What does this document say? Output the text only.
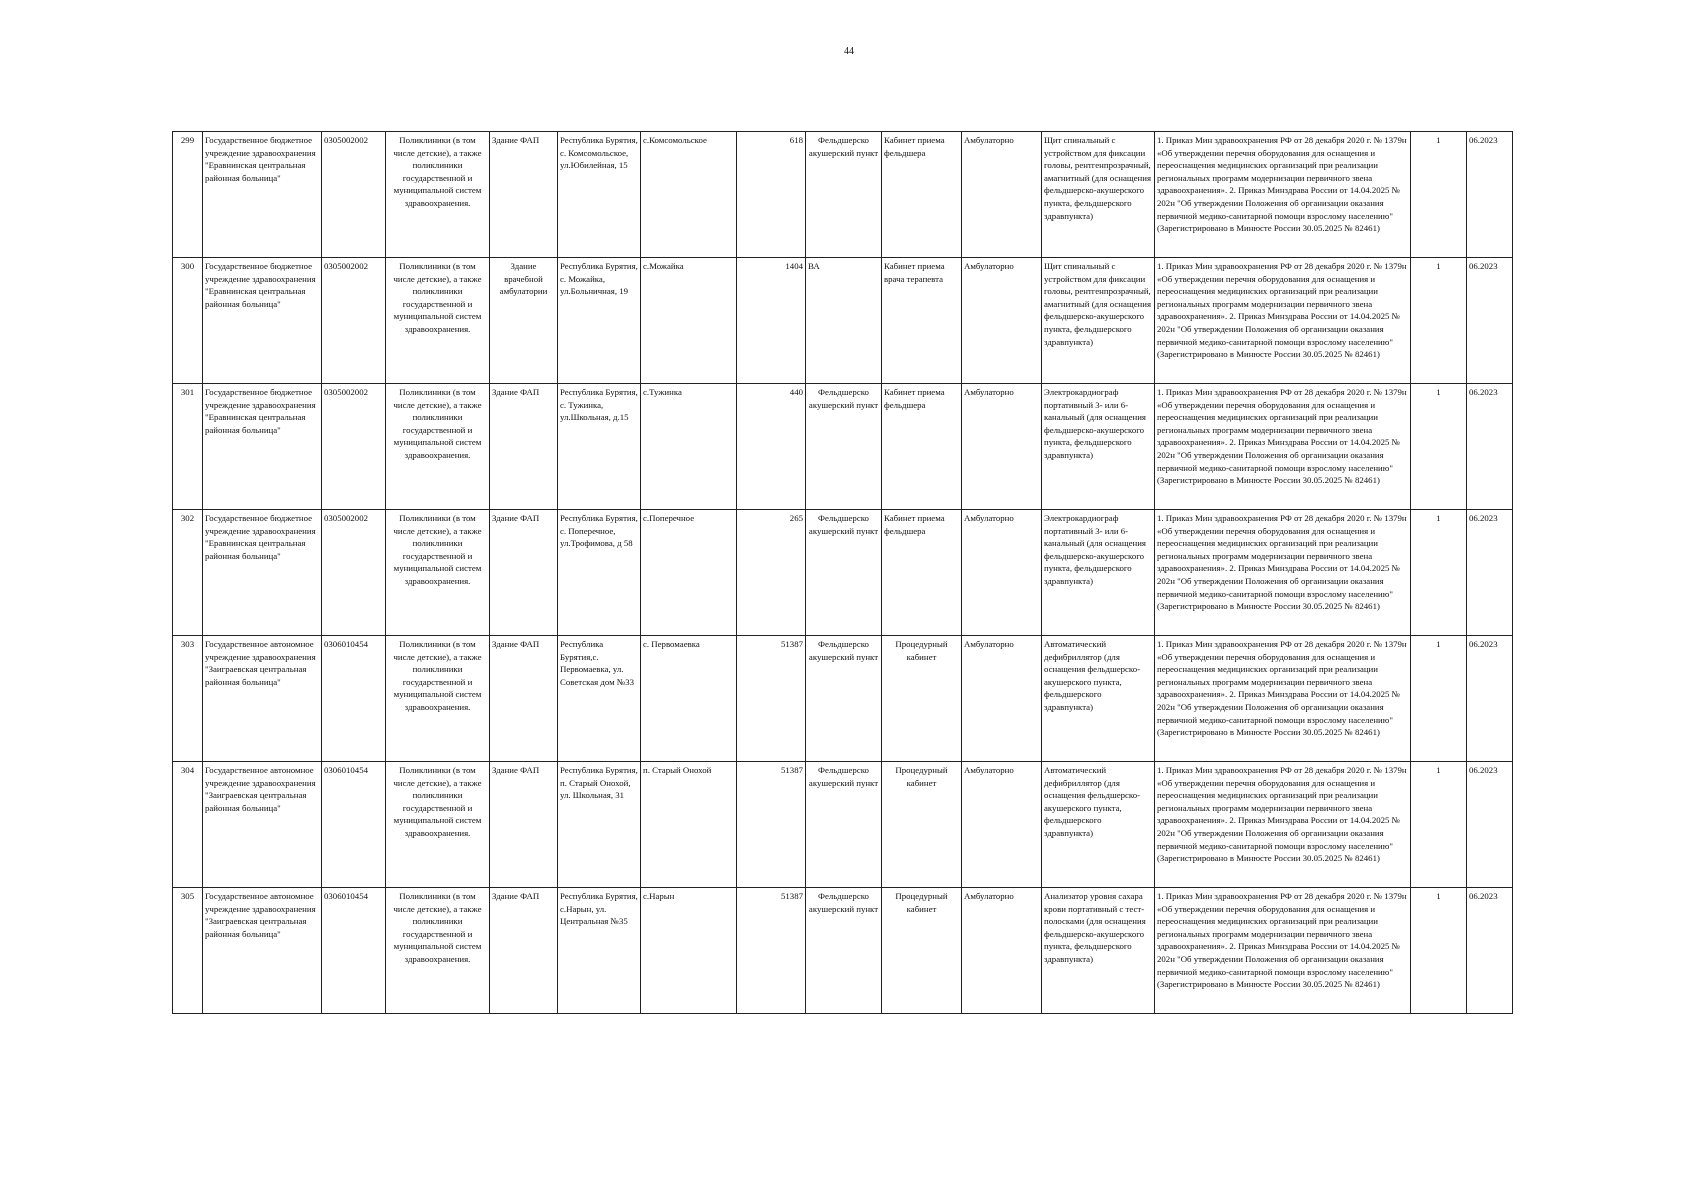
44
299	Государственное бюджетное учреждение здравоохранения "Еравнинская центральная районная больница"	0305002002	Поликлиники (в том числе детские), а также поликлиники государственной и муниципальной систем здравоохранения.	Здание ФАП	Республика Бурятия, с. Комсомольское, ул.Юбилейная, 15	с.Комсомольское	618	Фельдшерско акушерский пункт	Кабинет приема фельдшера	Амбулаторно	Щит спинальный с устройством для фиксации головы, рентгенпрозрачный, амагнитный (для оснащения фельдшерско-акушерского пункта, фельдшерского здравпункта)	1. Приказ Мин здравоохранения РФ от 28 декабря 2020 г. № 1379н «Об утверждении перечня оборудования для оснащения и переоснащения медицинских организаций при реализации региональных программ модернизации первичного звена здравоохранения». 2. Приказ Минздрава России от 14.04.2025 № 202н "Об утверждении Положения об организации оказания первичной медико-санитарной помощи взрослому населению" (Зарегистрировано в Минюсте России 30.05.2025 № 82461)	1	06.2023
300	Государственное бюджетное учреждение здравоохранения "Еравнинская центральная районная больница"	0305002002	Поликлиники (в том числе детские), а также поликлиники государственной и муниципальной систем здравоохранения.	Здание врачебной амбулатории	Республика Бурятия, с. Можайка, ул.Больничная, 19	с.Можайка	1404	ВА	Кабинет приема врача терапевта	Амбулаторно	Щит спинальный с устройством для фиксации головы, рентгенпрозрачный, амагнитный (для оснащения фельдшерско-акушерского пункта, фельдшерского здравпункта)	1. Приказ Мин здравоохранения РФ от 28 декабря 2020 г. № 1379н «Об утверждении перечня оборудования для оснащения и переоснащения медицинских организаций при реализации региональных программ модернизации первичного звена здравоохранения». 2. Приказ Минздрава России от 14.04.2025 № 202н "Об утверждении Положения об организации оказания первичной медико-санитарной помощи взрослому населению" (Зарегистрировано в Минюсте России 30.05.2025 № 82461)	1	06.2023
301	Государственное бюджетное учреждение здравоохранения "Еравнинская центральная районная больница"	0305002002	Поликлиники (в том числе детские), а также поликлиники государственной и муниципальной систем здравоохранения.	Здание ФАП	Республика Бурятия, с. Тужинка, ул.Школьная, д.15	с.Тужинка	440	Фельдшерско акушерский пункт	Кабинет приема фельдшера	Амбулаторно	Электрокардиограф портативный 3- или 6-канальный (для оснащения фельдшерско-акушерского пункта, фельдшерского здравпункта)	1. Приказ Мин здравоохранения РФ от 28 декабря 2020 г. № 1379н «Об утверждении перечня оборудования для оснащения и переоснащения медицинских организаций при реализации региональных программ модернизации первичного звена здравоохранения». 2. Приказ Минздрава России от 14.04.2025 № 202н "Об утверждении Положения об организации оказания первичной медико-санитарной помощи взрослому населению" (Зарегистрировано в Минюсте России 30.05.2025 № 82461)	1	06.2023
302	Государственное бюджетное учреждение здравоохранения "Еравнинская центральная районная больница"	0305002002	Поликлиники (в том числе детские), а также поликлиники государственной и муниципальной систем здравоохранения.	Здание ФАП	Республика Бурятия, с. Поперечное, ул.Трофимова, д 58	с.Поперечное	265	Фельдшерско акушерский пункт	Кабинет приема фельдшера	Амбулаторно	Электрокардиограф портативный 3- или 6-канальный (для оснащения фельдшерско-акушерского пункта, фельдшерского здравпункта)	1. Приказ Мин здравоохранения РФ от 28 декабря 2020 г. № 1379н «Об утверждении перечня оборудования для оснащения и переоснащения медицинских организаций при реализации региональных программ модернизации первичного звена здравоохранения». 2. Приказ Минздрава России от 14.04.2025 № 202н "Об утверждении Положения об организации оказания первичной медико-санитарной помощи взрослому населению" (Зарегистрировано в Минюсте России 30.05.2025 № 82461)	1	06.2023
303	Государственное автономное учреждение здравоохранения "Заиграевская центральная районная больница"	0306010454	Поликлиники (в том числе детские), а также поликлиники государственной и муниципальной систем здравоохранения.	Здание ФАП	Республика Бурятия,с. Первомаевка, ул. Советская дом №33	с. Первомаевка	51387	Фельдшерско акушерский пункт	Процедурный кабинет	Амбулаторно	Автоматический дефибриллятор (для оснащения фельдшерско-акушерского пункта, фельдшерского здравпункта)	1. Приказ Мин здравоохранения РФ от 28 декабря 2020 г. № 1379н «Об утверждении перечня оборудования для оснащения и переоснащения медицинских организаций при реализации региональных программ модернизации первичного звена здравоохранения». 2. Приказ Минздрава России от 14.04.2025 № 202н "Об утверждении Положения об организации оказания первичной медико-санитарной помощи взрослому населению" (Зарегистрировано в Минюсте России 30.05.2025 № 82461)	1	06.2023
304	Государственное автономное учреждение здравоохранения "Заиграевская центральная районная больница"	0306010454	Поликлиники (в том числе детские), а также поликлиники государственной и муниципальной систем здравоохранения.	Здание ФАП	Республика Бурятия, п. Старый Онохой, ул. Школьная, 31	п. Старый Онохой	51387	Фельдшерско акушерский пункт	Процедурный кабинет	Амбулаторно	Автоматический дефибриллятор (для оснащения фельдшерско-акушерского пункта, фельдшерского здравпункта)	1. Приказ Мин здравоохранения РФ от 28 декабря 2020 г. № 1379н «Об утверждении перечня оборудования для оснащения и переоснащения медицинских организаций при реализации региональных программ модернизации первичного звена здравоохранения». 2. Приказ Минздрава России от 14.04.2025 № 202н "Об утверждении Положения об организации оказания первичной медико-санитарной помощи взрослому населению" (Зарегистрировано в Минюсте России 30.05.2025 № 82461)	1	06.2023
305	Государственное автономное учреждение здравоохранения "Заиграевская центральная районная больница"	0306010454	Поликлиники (в том числе детские), а также поликлиники государственной и муниципальной систем здравоохранения.	Здание ФАП	Республика Бурятия, с.Нарын, ул. Центральная №35	с.Нарын	51387	Фельдшерско акушерский пункт	Процедурный кабинет	Амбулаторно	Анализатор уровня сахара крови портативный с тест-полосками (для оснащения фельдшерско-акушерского пункта, фельдшерского здравпункта)	1. Приказ Мин здравоохранения РФ от 28 декабря 2020 г. № 1379н «Об утверждении перечня оборудования для оснащения и переоснащения медицинских организаций при реализации региональных программ модернизации первичного звена здравоохранения». 2. Приказ Минздрава России от 14.04.2025 № 202н "Об утверждении Положения об организации оказания первичной медико-санитарной помощи взрослому населению" (Зарегистрировано в Минюсте России 30.05.2025 № 82461)	1	06.2023
